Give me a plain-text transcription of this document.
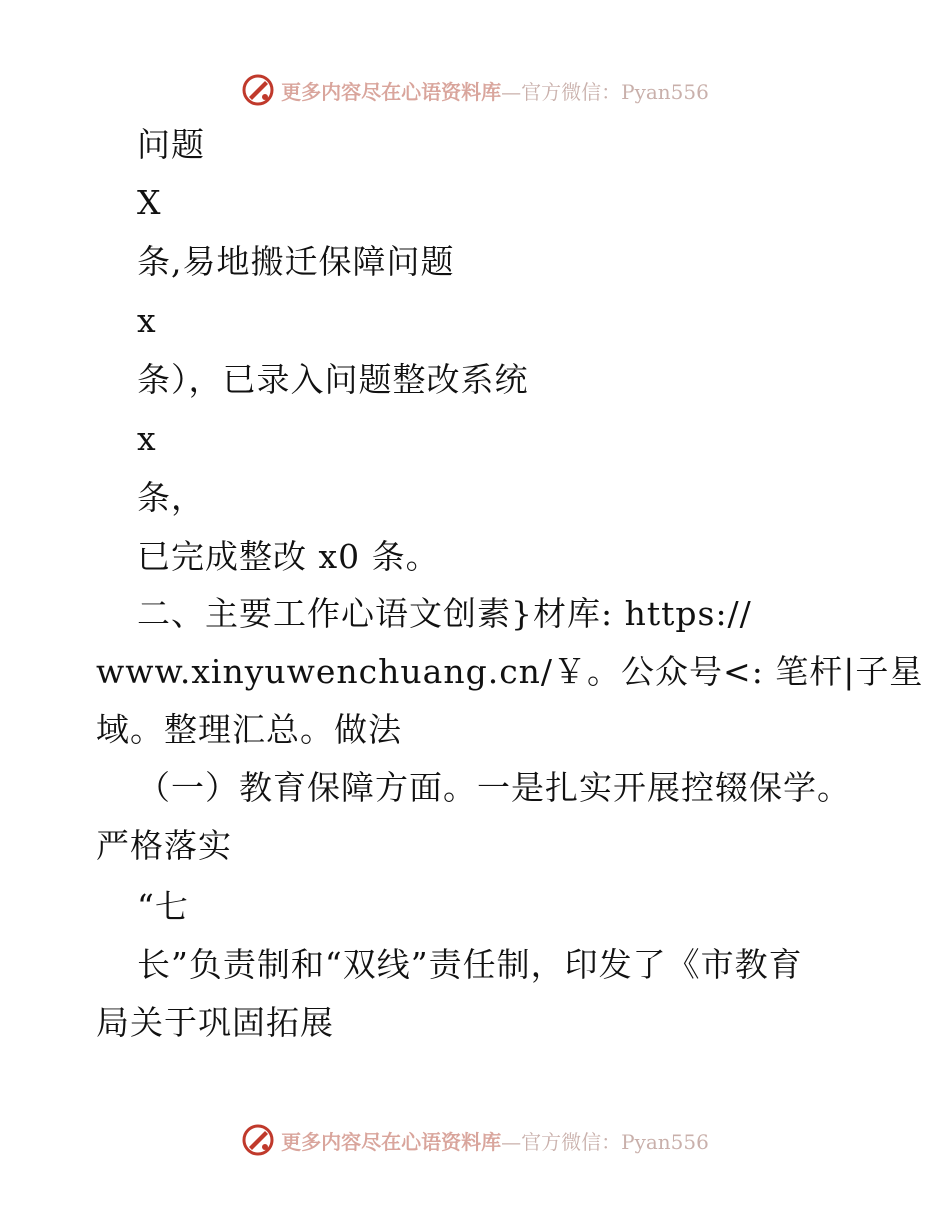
更多内容尽在心语资料库—官方微信：Pyan556
问题
X
条,易地搬迁保障问题
x
条），已录入问题整改系统
x
条，
已完成整改 x0 条。
二、主要工作心语文创素}材库: https://
www.xinyuwenchuang.cn/￥。公众号<: 笔杆|子星
域。整理汇总。做法
（一）教育保障方面。一是扎实开展控辍保学。
严格落实
“七
长”负责制和“双线”责任制，印发了《市教育
局关于巩固拓展
更多内容尽在心语资料库—官方微信：Pyan556
